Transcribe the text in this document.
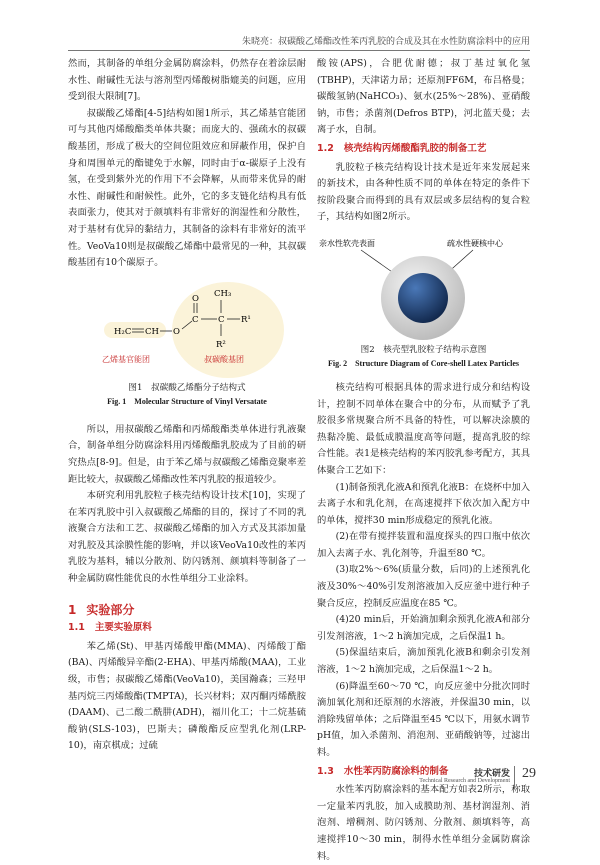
朱晓亮：叔碳酸乙烯酯改性苯丙乳胶的合成及其在水性防腐涂料中的应用

然而，其制备的单组分金属防腐涂料，仍然存在着涂层耐水性、耐碱性无法与溶剂型丙烯酸树脂媲美的问题，应用受到很大限制[7]。

叔碳酸乙烯酯[4-5]结构如图1所示，其乙烯基官能团可与其他丙烯酸酯类单体共聚；而庞大的、强疏水的叔碳酸基团，形成了极大的空间位阻效应和屏蔽作用，保护自身和周围单元的酯键免于水解，同时由于α-碳原子上没有氢，在受到紫外光的作用下不会降解，从而带来优异的耐水性、耐碱性和耐候性。此外，它的多支链化结构具有低表面张力，使其对于颜填料有非常好的润湿性和分散性，对于基材有优异的黏结力，其制备的涂料有非常好的流平性。VeoVa10则是叔碳酸乙烯酯中最常见的一种，其叔碳酸基团有10个碳原子。

H₂C CH O
C
O
C
CH₃
R¹
R²
乙烯基官能团	叔碳酸基团
图1　叔碳酸乙烯酯分子结构式
Fig. 1　Molecular Structure of Vinyl Versatate

所以，用叔碳酸乙烯酯和丙烯酸酯类单体进行乳液聚合，制备单组分防腐涂料用丙烯酸酯乳胶成为了目前的研究热点[8-9]。但是，由于苯乙烯与叔碳酸乙烯酯竞聚率差距比较大，叔碳酸乙烯酯改性苯丙乳胶的报道较少。

本研究利用乳胶粒子核壳结构设计技术[10]，实现了在苯丙乳胶中引入叔碳酸乙烯酯的目的，探讨了不同的乳液聚合方法和工艺、叔碳酸乙烯酯的加入方式及其添加量对乳胶及其涂膜性能的影响，并以该VeoVa10改性的苯丙乳胶为基料，辅以分散剂、防闪锈剂、颜填料等制备了一种金属防腐性能优良的水性单组分工业涂料。

1 实验部分
1.1 主要实验原料

苯乙烯(St)、甲基丙烯酸甲酯(MMA)、丙烯酸丁酯(BA)、丙烯酸异辛酯(2-EHA)、甲基丙烯酸(MAA)，工业级，市售；叔碳酸乙烯酯(VeoVa10)，美国瀚森；三羟甲基丙烷三丙烯酸酯(TMPTA)，长兴材料；双丙酮丙烯酰胺(DAAM)、己二酸二酰肼(ADH)，福川化工；十二烷基硫酸钠(SLS-103)，巴斯夫；磷酸酯反应型乳化剂(LRP-10)，南京棋成；过硫

酸铵(APS)，合肥优耐德；叔丁基过氧化氢(TBHP)，天津诺力昂；还原剂FF6M，布吕格曼；碳酸氢钠(NaHCO₃)、氨水(25%～28%)、亚硝酸钠，市售；杀菌剂(Defros BTP)，河北蓝天曼；去离子水，自制。

1.2 核壳结构丙烯酸酯乳胶的制备工艺

乳胶粒子核壳结构设计技术是近年来发展起来的新技术，由各种性质不同的单体在特定的条件下按阶段聚合而得到的具有双层或多层结构的复合粒子，其结构如图2所示。

亲水性软壳表面	疏水性硬核中心
图2　核壳型乳胶粒子结构示意图
Fig. 2　Structure Diagram of Core-shell Latex Particles

核壳结构可根据具体的需求进行成分和结构设计，控制不同单体在聚合中的分布，从而赋予了乳胶很多常规聚合所不具备的特性，可以解决涂膜的热黏冷脆、最低成膜温度高等问题，提高乳胶的综合性能。表1是核壳结构的苯丙胶乳参考配方，其具体聚合工艺如下：

(1)制备预乳化液A和预乳化液B：在烧杯中加入去离子水和乳化剂，在高速搅拌下依次加入配方中的单体，搅拌30 min形成稳定的预乳化液。

(2)在带有搅拌装置和温度探头的四口瓶中依次加入去离子水、乳化剂等，升温至80 ℃。

(3)取2%～6%(质量分数，后同)的上述预乳化液及30%～40%引发剂溶液加入反应釜中进行种子聚合反应，控制反应温度在85 ℃。

(4)20 min后，开始滴加剩余预乳化液A和部分引发剂溶液，1～2 h滴加完成，之后保温1 h。

(5)保温结束后，滴加预乳化液B和剩余引发剂溶液，1～2 h滴加完成，之后保温1～2 h。

(6)降温至60～70 ℃，向反应釜中分批次同时滴加氧化剂和还原剂的水溶液，并保温30 min，以消除残留单体；之后降温至45 ℃以下，用氨水调节pH值，加入杀菌剂、消泡剂、亚硝酸钠等，过滤出料。

1.3 水性苯丙防腐涂料的制备

水性苯丙防腐涂料的基本配方如表2所示，称取一定量苯丙乳胶，加入成膜助剂、基材润湿剂、消泡剂、增稠剂、防闪锈剂、分散剂、颜填料等，高速搅拌10～30 min，制得水性单组分金属防腐涂料。

技术研发
Technical Research and Development 29
